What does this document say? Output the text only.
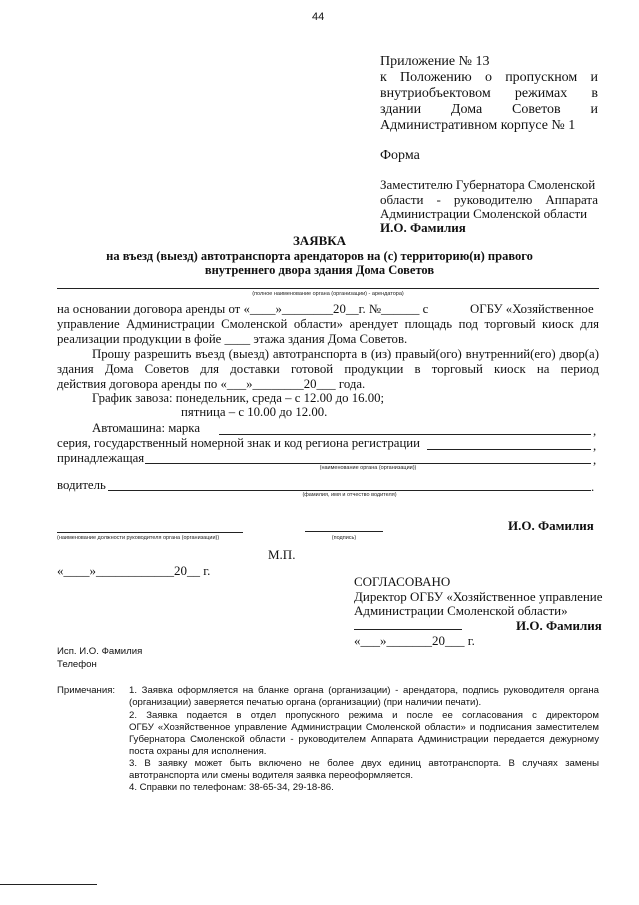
44
Приложение № 13
к Положению о пропускном и
внутриобъектовом режимах в
здании Дома Советов и
Административном корпусе № 1
Форма
Заместителю Губернатора Смоленской
области - руководителю Аппарата
Администрации Смоленской области
И.О. Фамилия
ЗАЯВКА
на въезд (выезд) автотранспорта арендаторов на (с) территорию(и) правого
внутреннего двора здания Дома Советов
(полное наименование органа (организации) - арендатора)
на основании договора аренды от «____»________20__г. №______ с	ОГБУ «Хозяйственное
управление Администрации Смоленской области» арендует площадь под торговый киоск для
реализации продукции в фойе ____ этажа здания Дома Советов.
Прошу разрешить въезд (выезд) автотранспорта в (из) правый(ого) внутренний(его) двор(а)
здания Дома Советов для доставки готовой продукции в торговый киоск на период
действия договора аренды по «___»________20___ года.
График завоза: понедельник, среда – с 12.00 до 16.00;
пятница – с 10.00 до 12.00.
Автомашина: марка	,
серия, государственный номерной знак и код региона регистрации	,
принадлежащая	,
(наименование органа (организации))
водитель	.
(фамилия, имя и отчество водителя)
(наименование должности руководителя органа (организации))	(подпись)
И.О. Фамилия
М.П.
«____»____________20__ г.
СОГЛАСОВАНО
Директор ОГБУ «Хозяйственное управление
Администрации Смоленской области»
И.О. Фамилия
«___»_______20___ г.
Исп. И.О. Фамилия
Телефон
Примечания: 1. Заявка оформляется на бланке органа (организации) - арендатора, подпись руководителя органа
(организации) заверяется печатью органа (организации) (при наличии печати).
2. Заявка подается в отдел пропускного режима и после ее согласования с директором
ОГБУ «Хозяйственное управление Администрации Смоленской области» и подписания заместителем
Губернатора Смоленской области - руководителем Аппарата Администрации передается дежурному
поста охраны для исполнения.
3. В заявку может быть включено не более двух единиц автотранспорта. В случаях замены
автотранспорта или смены водителя заявка переоформляется.
4. Справки по телефонам: 38-65-34, 29-18-86.
